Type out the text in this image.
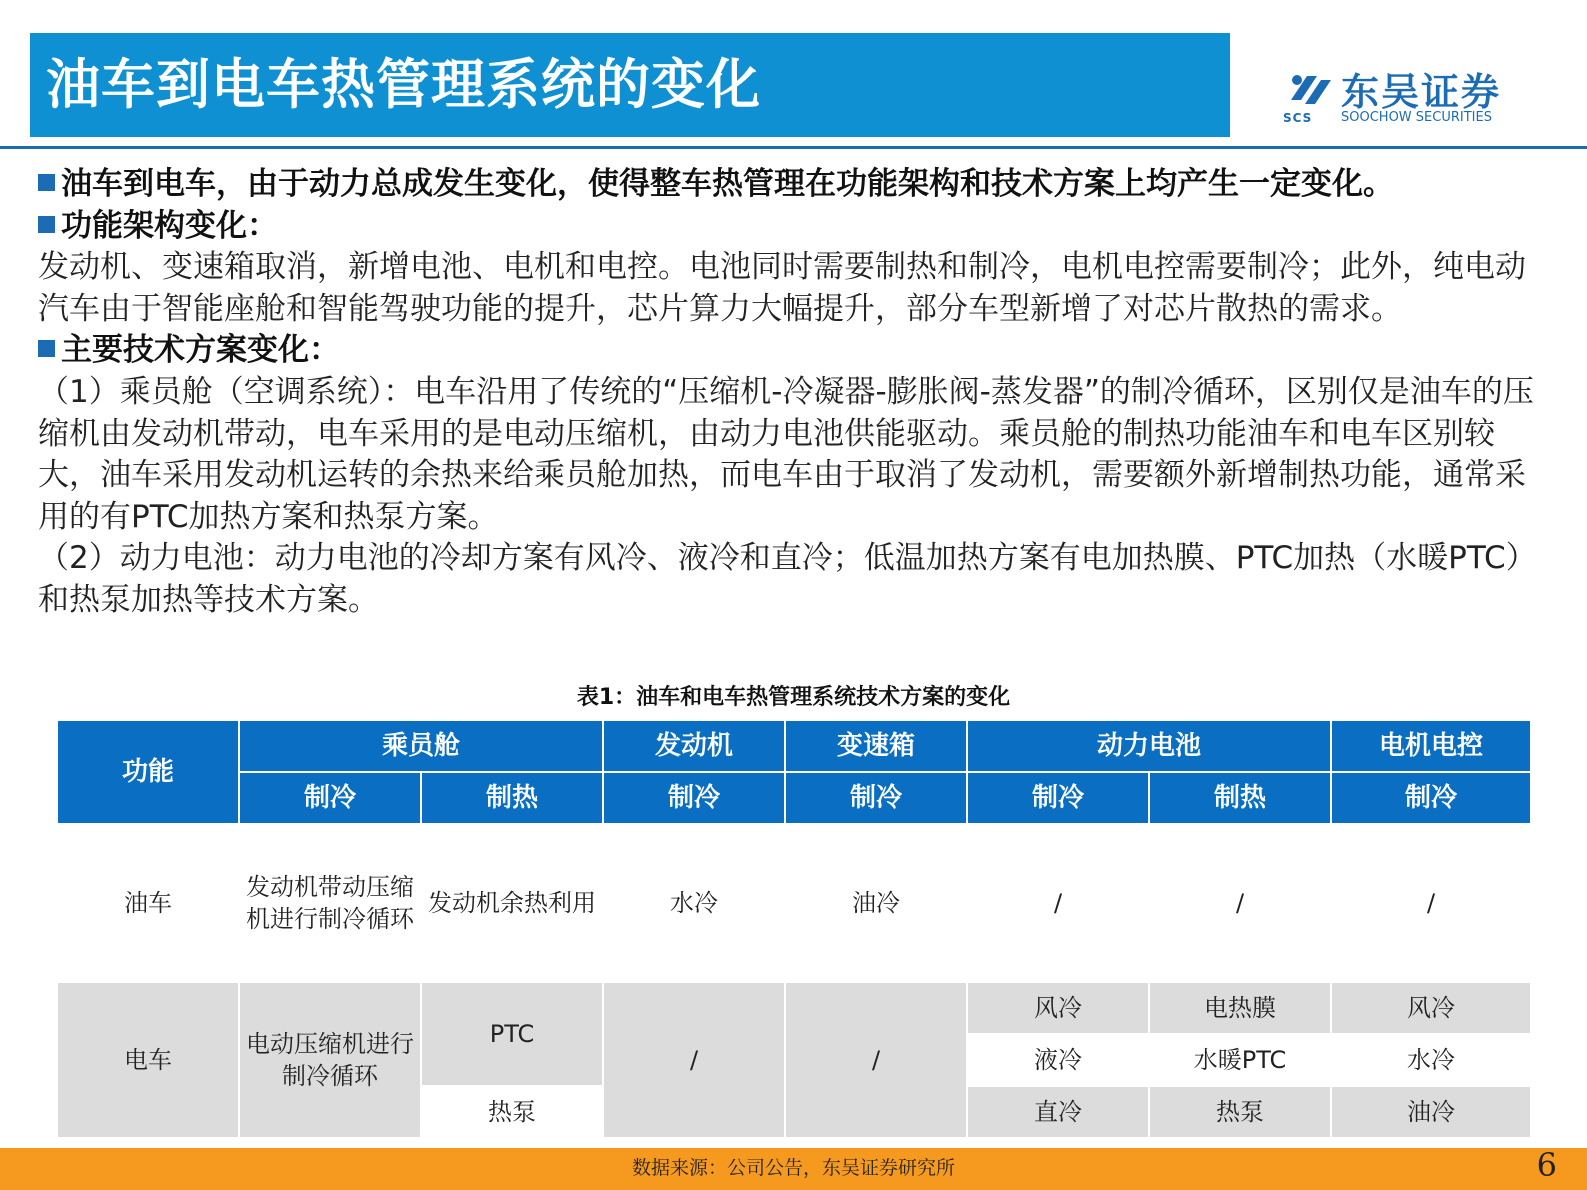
油车到电车热管理系统的变化	东吴证券
SCS SOOCHOW SECURITIES

油车到电车，由于动力总成发生变化，使得整车热管理在功能架构和技术方案上均产生一定变化。

功能架构变化：

发动机、变速箱取消，新增电池、电机和电控。电池同时需要制热和制冷，电机电控需要制冷；此外，纯电动汽车由于智能座舱和智能驾驶功能的提升，芯片算力大幅提升，部分车型新增了对芯片散热的需求。

主要技术方案变化：

（1）乘员舱（空调系统）：电车沿用了传统的“压缩机-冷凝器-膨胀阀-蒸发器”的制冷循环，区别仅是油车的压缩机由发动机带动，电车采用的是电动压缩机，由动力电池供能驱动。乘员舱的制热功能油车和电车区别较大，油车采用发动机运转的余热来给乘员舱加热，而电车由于取消了发动机，需要额外新增制热功能，通常采用的有PTC加热方案和热泵方案。

（2）动力电池：动力电池的冷却方案有风冷、液冷和直冷；低温加热方案有电加热膜、PTC加热（水暖PTC）和热泵加热等技术方案。

表1：油车和电车热管理系统技术方案的变化
功能	乘员舱		发动机	变速箱	动力电池		电机电控
	制冷	制热	制冷	制冷	制冷	制热	制冷
油车	发动机带动压缩机进行制冷循环	发动机余热利用	水冷	油冷	/	/	/
电车	电动压缩机进行制冷循环	PTC	/	/	风冷	电热膜	风冷
					液冷	水暖PTC	水冷
		热泵			直冷	热泵	油冷
数据来源：公司公告，东吴证券研究所	6
